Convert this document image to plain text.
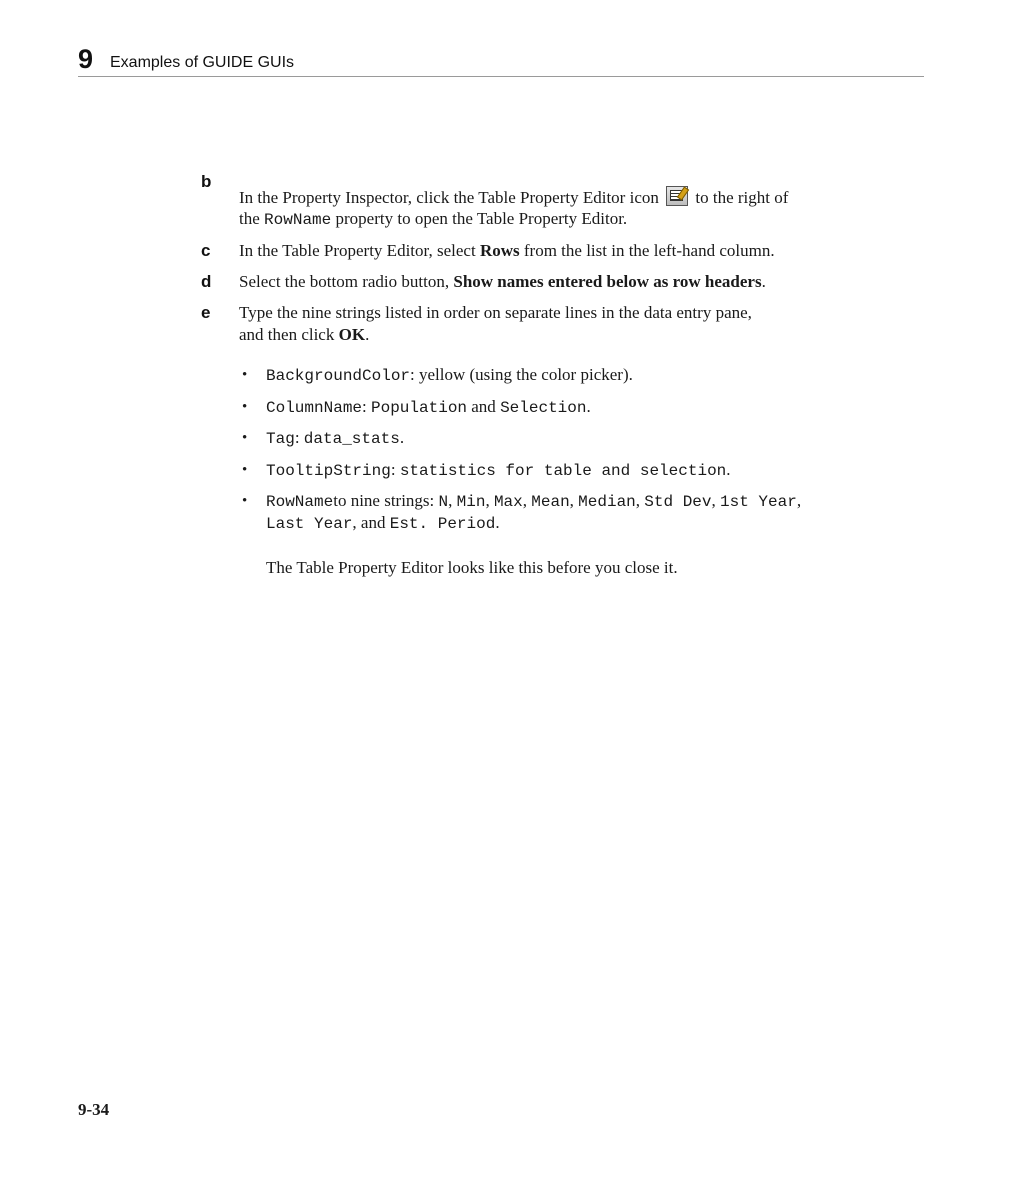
9 Examples of GUIDE GUIs
b
In the Property Inspector, click the Table Property Editor icon to the right of
the RowName property to open the Table Property Editor.
c In the Table Property Editor, select Rows from the list in the left-hand column.
d Select the bottom radio button, Show names entered below as row headers.
e Type the nine strings listed in order on separate lines in the data entry pane,
and then click OK.
• BackgroundColor: yellow (using the color picker).
• ColumnName: Population and Selection.
• Tag: data_stats.
• TooltipString: statistics for table and selection.
• RowNameto nine strings: N, Min, Max, Mean, Median, Std Dev, 1st Year,
Last Year, and Est. Period.
The Table Property Editor looks like this before you close it.
9-34
